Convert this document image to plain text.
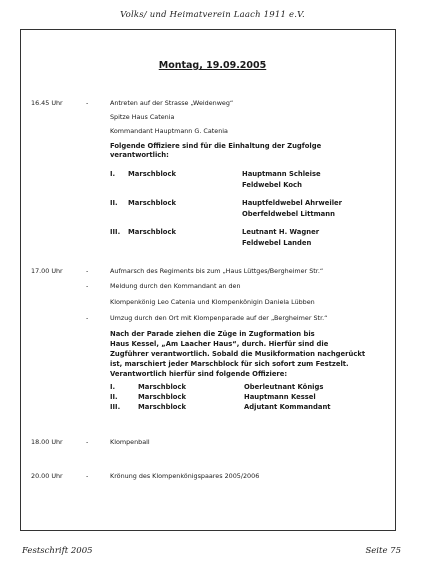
Volks/ und Heimatverein Laach 1911 e.V.
Montag, 19.09.2005
16.45 Uhr	-	Antreten auf der Strasse „Weidenweg“
Spitze Haus Catenia
Kommandant Hauptmann G. Catenia
Folgende Offiziere sind für die Einhaltung der Zugfolge
verantwortlich:
I. Marschblock	Hauptmann Schleise
Feldwebel Koch
II. Marschblock	Hauptfeldwebel Ahrweiler
Oberfeldwebel Littmann
III. Marschblock	Leutnant H. Wagner
Feldwebel Landen
17.00 Uhr	-	Aufmarsch des Regiments bis zum „Haus Lüttges/Bergheimer Str.“
-	Meldung durch den Kommandant an den
Klompenkönig Leo Catenia und Klompenkönigin Daniela Lübben
-	Umzug durch den Ort mit Klompenparade auf der „Bergheimer Str.“
Nach der Parade ziehen die Züge in Zugformation bis
Haus Kessel, „Am Laacher Haus“, durch. Hierfür sind die
Zugführer verantwortlich. Sobald die Musikformation nachgerückt
ist, marschiert jeder Marschblock für sich sofort zum Festzelt.
Verantwortlich hierfür sind folgende Offiziere:
I.	Marschblock	Oberleutnant Königs
II.	Marschblock	Hauptmann Kessel
III.	Marschblock	Adjutant Kommandant
18.00 Uhr	-	Klompenball
20.00 Uhr	-	Krönung des Klompenkönigspaares 2005/2006
Festschrift 2005	Seite 75
